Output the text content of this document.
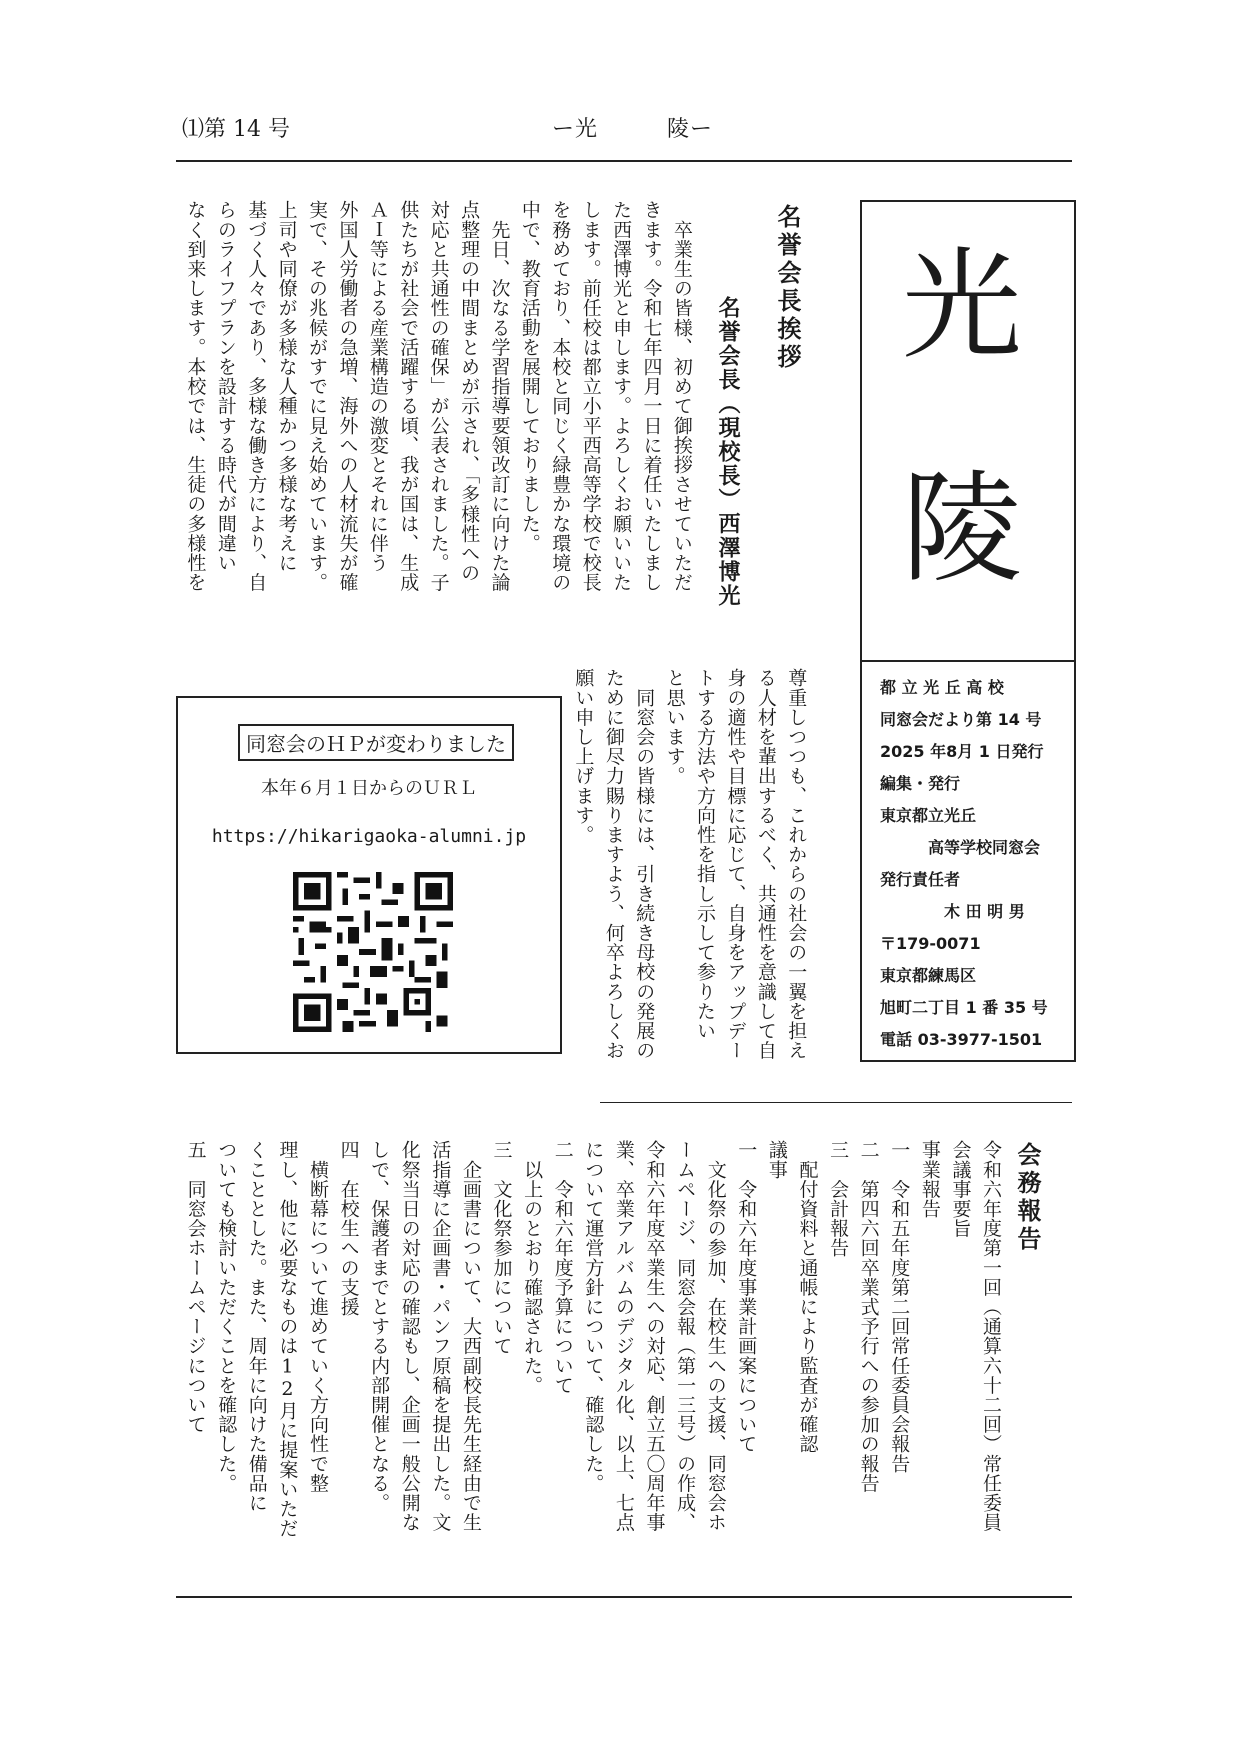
⑴第 14 号	ー光　　　陵ー
光
陵
都 立 光 丘 高 校
同窓会だより第 14 号
2025 年8月 1 日発行
編集・発行
東京都立光丘
　　　高等学校同窓会
発行責任者
　　　　木 田 明 男
〒179-0071
東京都練馬区
旭町二丁目 1 番 35 号
電話 03-3977-1501
名誉会長挨拶
名誉会長（現校長）西澤博光
　卒業生の皆様、初めて御挨拶させていただ
きます。令和七年四月一日に着任いたしまし
た西澤博光と申します。よろしくお願いいた
します。前任校は都立小平西高等学校で校長
を務めており、本校と同じく緑豊かな環境の
中で、教育活動を展開しておりました。
　先日、次なる学習指導要領改訂に向けた論
点整理の中間まとめが示され、「多様性への
対応と共通性の確保」が公表されました。子
供たちが社会で活躍する頃、我が国は、生成
ＡＩ等による産業構造の激変とそれに伴う
外国人労働者の急増、海外への人材流失が確
実で、その兆候がすでに見え始めています。
上司や同僚が多様な人種かつ多様な考えに
基づく人々であり、多様な働き方により、自
らのライフプランを設計する時代が間違い
なく到来します。本校では、生徒の多様性を
尊重しつつも、これからの社会の一翼を担え
る人材を輩出するべく、共通性を意識して自
身の適性や目標に応じて、自身をアップデー
トする方法や方向性を指し示して参りたい
と思います。
　同窓会の皆様には、引き続き母校の発展の
ために御尽力賜りますよう、何卒よろしくお
願い申し上げます。
同窓会のＨＰが変わりました
本年６月１日からのＵＲＬ
https://hikarigaoka-alumni.jp
会務報告
令和六年度第一回（通算六十二回）常任委員
会議事要旨
事業報告
一　令和五年度第二回常任委員会報告
二　第四六回卒業式予行への参加の報告
三　会計報告
　配付資料と通帳により監査が確認
議事
一　令和六年度事業計画案について
　文化祭の参加、在校生への支援、同窓会ホ
ームページ、同窓会報（第一三号）の作成、
令和六年度卒業生への対応、創立五〇周年事
業、卒業アルバムのデジタル化、以上、七点
について運営方針について、確認した。
二　令和六年度予算について
　以上のとおり確認された。
三　文化祭参加について
　企画書について、大西副校長先生経由で生
活指導に企画書・パンフ原稿を提出した。文
化祭当日の対応の確認もし、企画一般公開な
しで、保護者までとする内部開催となる。
四　在校生への支援
　横断幕について進めていく方向性で整
理し、他に必要なものは12月に提案いただ
くこととした。また、周年に向けた備品に
ついても検討いただくことを確認した。
五　同窓会ホームページについて
